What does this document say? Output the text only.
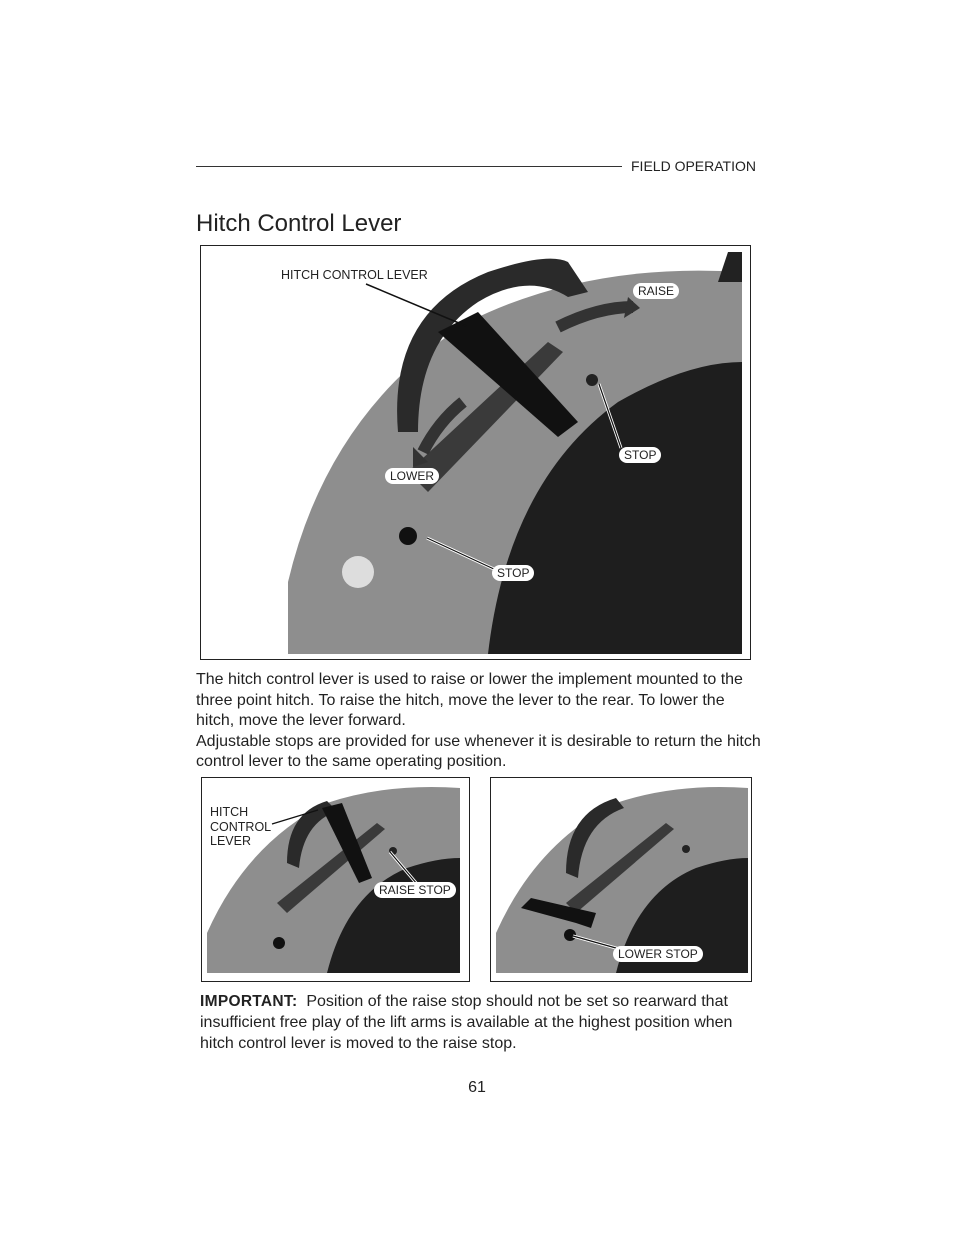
FIELD OPERATION
Hitch Control Lever
HITCH CONTROL LEVER
RAISE
STOP
LOWER
STOP
The hitch control lever is used to raise or lower the implement mounted to the three point hitch. To raise the hitch, move the lever to the rear. To lower the hitch, move the lever forward.
Adjustable stops are provided for use whenever it is desirable to return the hitch control lever to the same operating position.
HITCH
CONTROL
LEVER
RAISE STOP
LOWER STOP
IMPORTANT: Position of the raise stop should not be set so rearward that insufficient free play of the lift arms is available at the highest position when hitch control lever is moved to the raise stop.
61
